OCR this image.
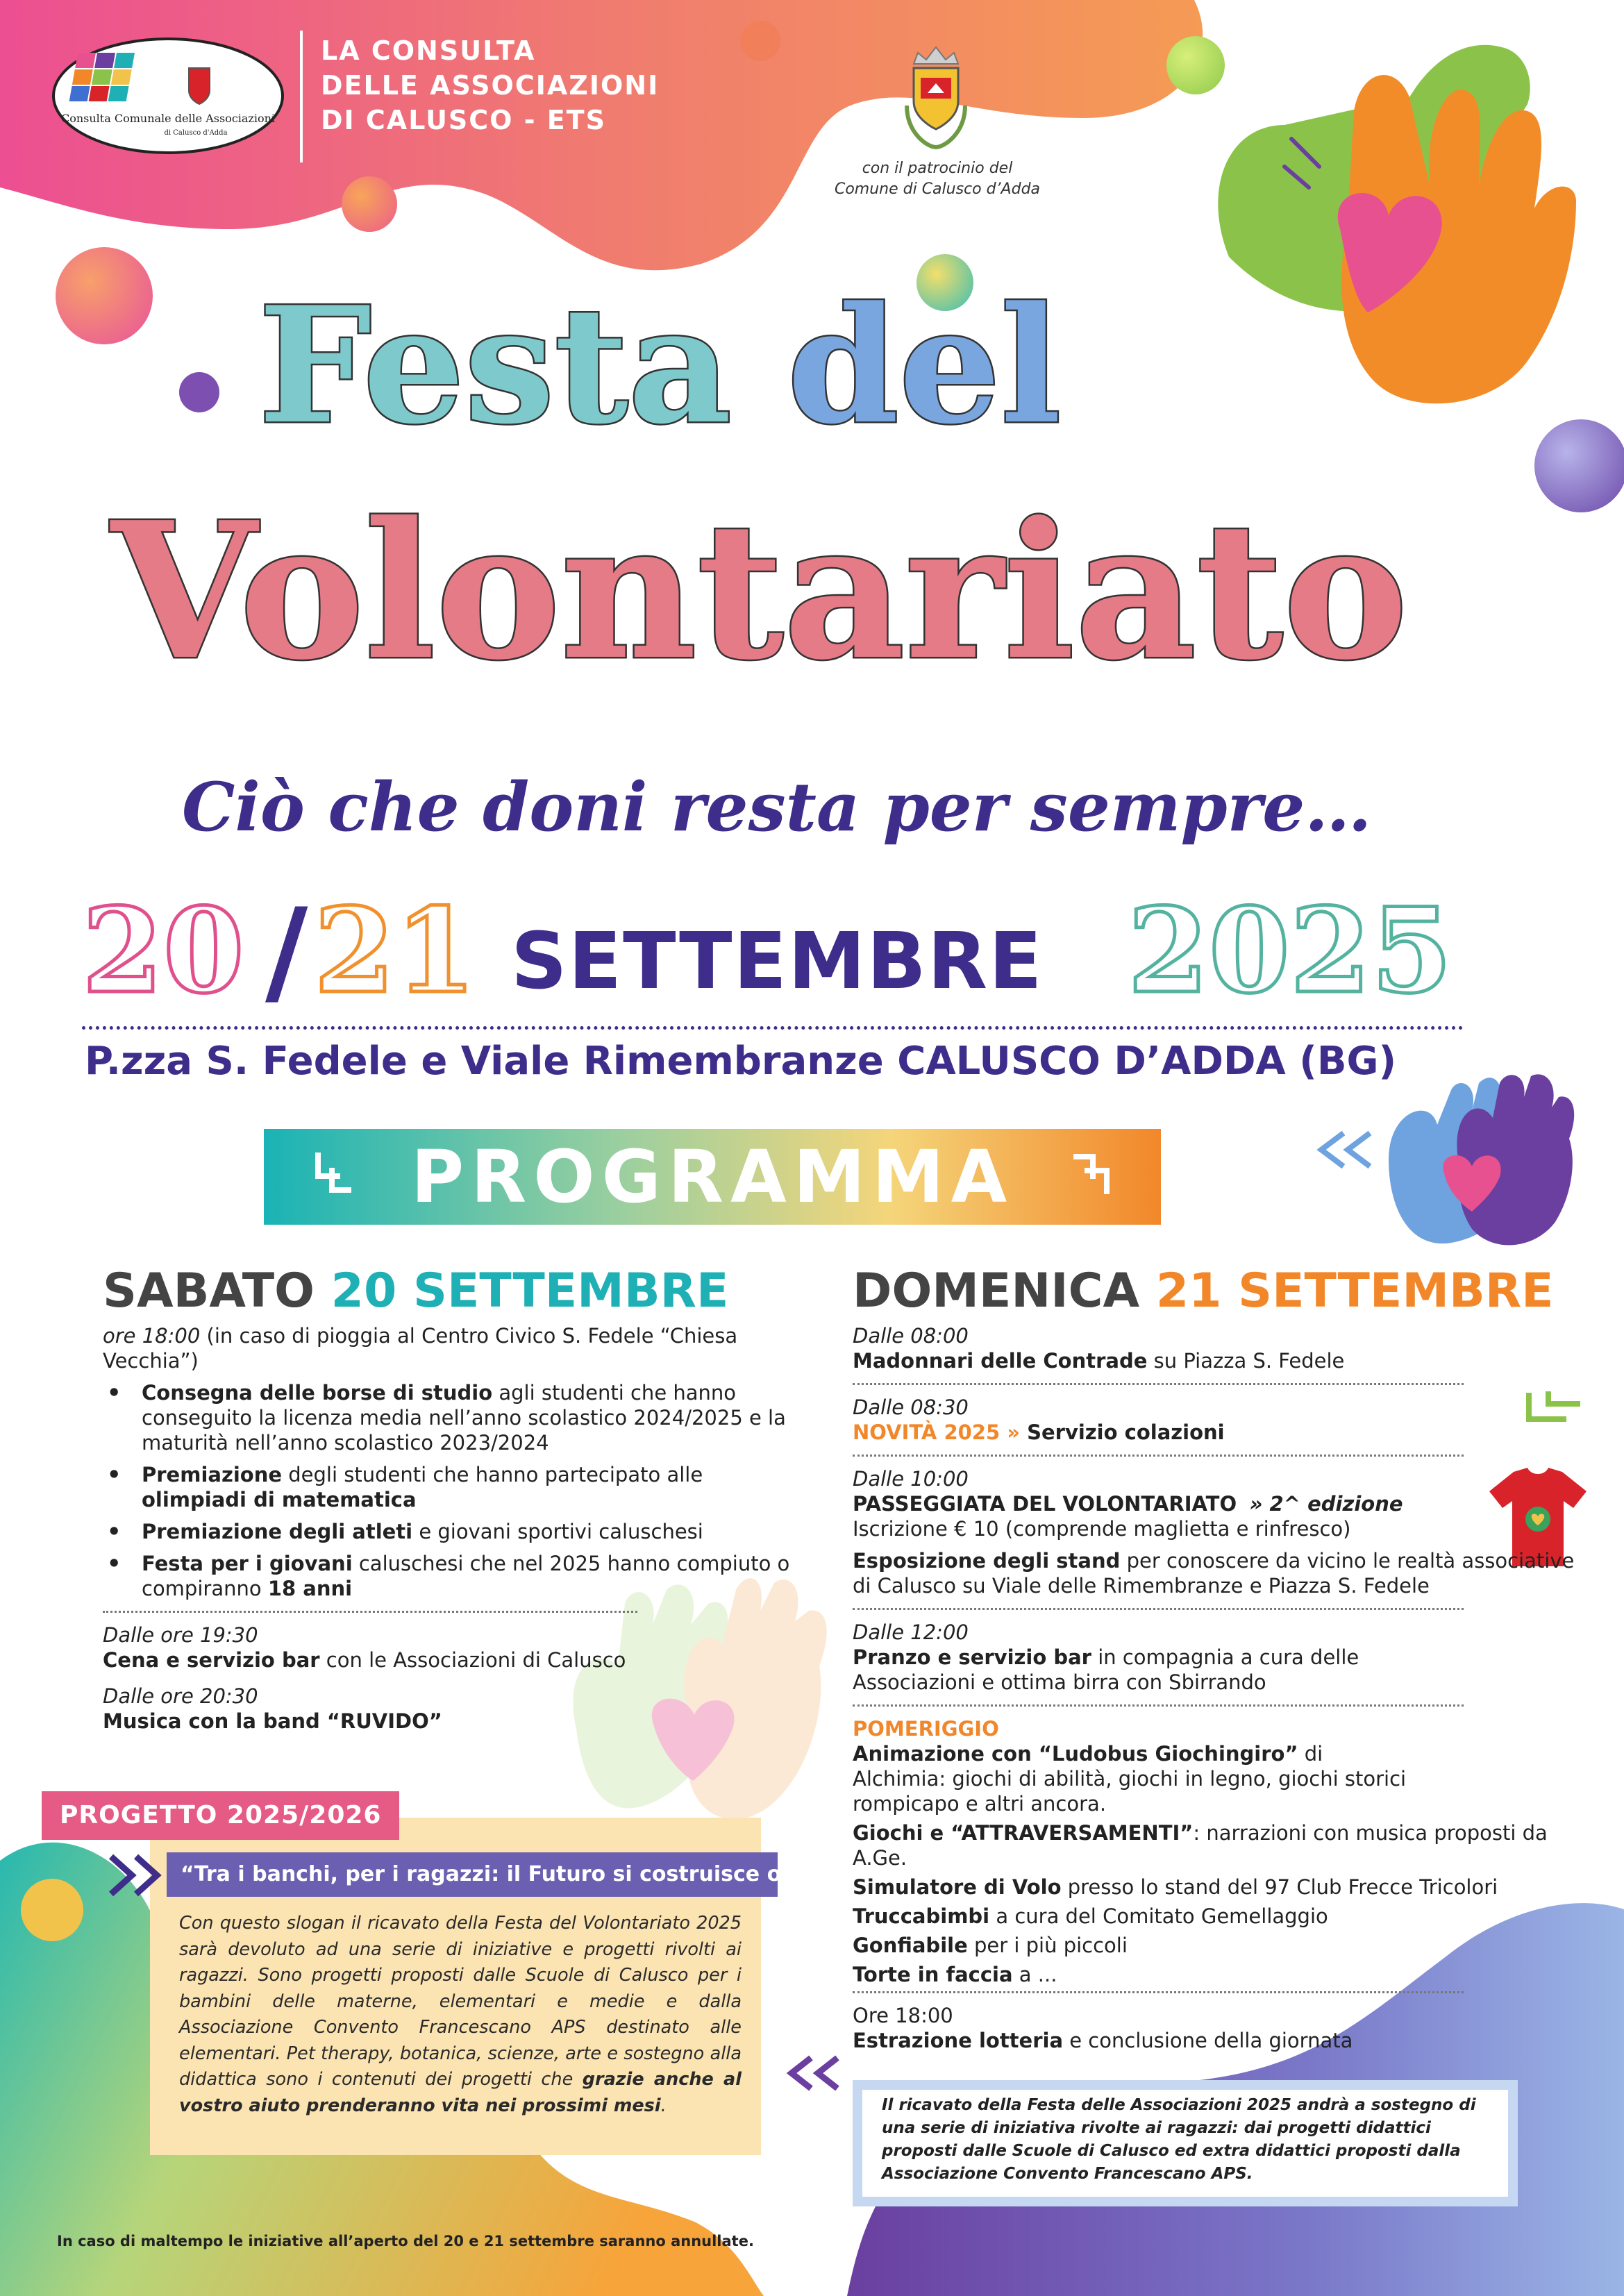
Consulta Comunale delle Associazioni
di Calusco d'Adda
LA CONSULTA
DELLE ASSOCIAZIONI
DI CALUSCO - ETS
con il patrocinio del
Comune di Calusco d’Adda
Festa del
Volontariato
Ciò che doni resta per sempre…
20 / 21 SETTEMBRE 2025
P.zza S. Fedele e Viale Rimembranze CALUSCO D’ADDA (BG)
PROGRAMMA
SABATO 20 SETTEMBRE
ore 18:00 (in caso di pioggia al Centro Civico S. Fedele “Chiesa Vecchia”)
• Consegna delle borse di studio agli studenti che hanno conseguito la licenza media nell’anno scolastico 2024/2025 e la maturità nell’anno scolastico 2023/2024
• Premiazione degli studenti che hanno partecipato alle olimpiadi di matematica
• Premiazione degli atleti e giovani sportivi caluschesi
• Festa per i giovani caluschesi che nel 2025 hanno compiuto o compiranno 18 anni
Dalle ore 19:30
Cena e servizio bar con le Associazioni di Calusco
Dalle ore 20:30
Musica con la band “RUVIDO”
DOMENICA 21 SETTEMBRE
Dalle 08:00
Madonnari delle Contrade su Piazza S. Fedele
Dalle 08:30
NOVITÀ 2025 » Servizio colazioni
Dalle 10:00
PASSEGGIATA DEL VOLONTARIATO » 2^ edizione
Iscrizione € 10 (comprende maglietta e rinfresco)
Esposizione degli stand per conoscere da vicino le realtà associative di Calusco su Viale delle Rimembranze e Piazza S. Fedele
Dalle 12:00
Pranzo e servizio bar in compagnia a cura delle Associazioni e ottima birra con Sbirrando
POMERIGGIO
Animazione con “Ludobus Giochingiro” di Alchimia: giochi di abilità, giochi in legno, giochi storici rompicapo e altri ancora.
Giochi e “ATTRAVERSAMENTI”: narrazioni con musica proposti da A.Ge.
Simulatore di Volo presso lo stand del 97 Club Frecce Tricolori
Truccabimbi a cura del Comitato Gemellaggio
Gonfiabile per i più piccoli
Torte in faccia a ...
Ore 18:00
Estrazione lotteria e conclusione della giornata
PROGETTO 2025/2026
“Tra i banchi, per i ragazzi: il Futuro si costruisce oggi”
Con questo slogan il ricavato della Festa del Volontariato 2025 sarà devoluto ad una serie di iniziative e progetti rivolti ai ragazzi. Sono progetti proposti dalle Scuole di Calusco per i bambini delle materne, elementari e medie e dalla Associazione Convento Francescano APS destinato alle elementari. Pet therapy, botanica, scienze, arte e sostegno alla didattica sono i contenuti dei progetti che grazie anche al vostro aiuto prenderanno vita nei prossimi mesi.	Il ricavato della Festa delle Associazioni 2025 andrà a sostegno di una serie di iniziativa rivolte ai ragazzi: dai progetti didattici proposti dalle Scuole di Calusco ed extra didattici proposti dalla Associazione Convento Francescano APS.
In caso di maltempo le iniziative all’aperto del 20 e 21 settembre saranno annullate.
